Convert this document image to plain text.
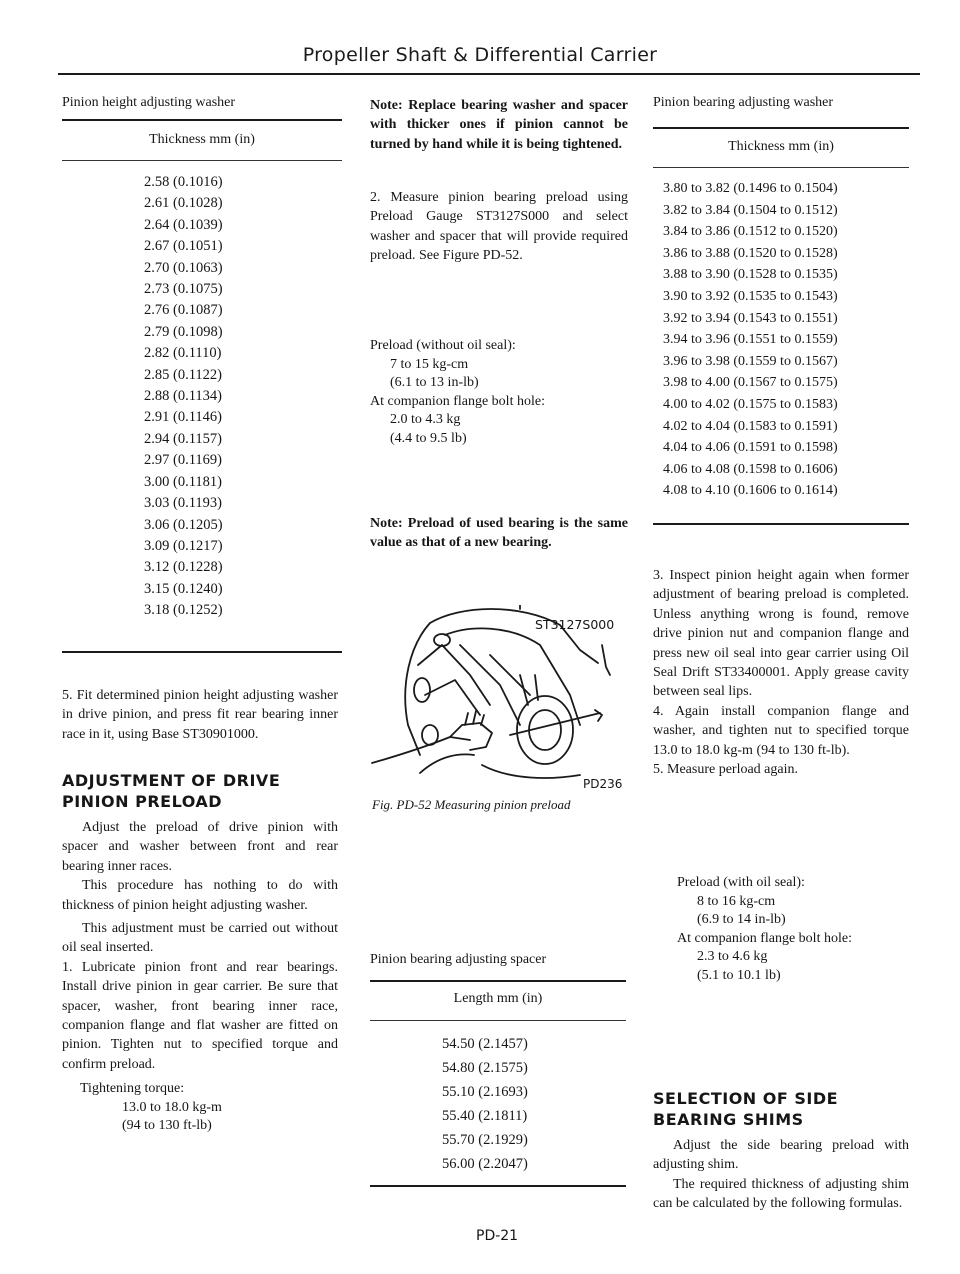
Propeller Shaft & Differential Carrier
Pinion height adjusting washer
Thickness mm (in)
2.58 (0.1016)
2.61 (0.1028)
2.64 (0.1039)
2.67 (0.1051)
2.70 (0.1063)
2.73 (0.1075)
2.76 (0.1087)
2.79 (0.1098)
2.82 (0.1110)
2.85 (0.1122)
2.88 (0.1134)
2.91 (0.1146)
2.94 (0.1157)
2.97 (0.1169)
3.00 (0.1181)
3.03 (0.1193)
3.06 (0.1205)
3.09 (0.1217)
3.12 (0.1228)
3.15 (0.1240)
3.18 (0.1252)

5. Fit determined pinion height adjusting washer in drive pinion, and press fit rear bearing inner race in it, using Base ST30901000.

ADJUSTMENT OF DRIVE
PINION PRELOAD

Adjust the preload of drive pinion with spacer and washer between front and rear bearing inner races.

This procedure has nothing to do with thickness of pinion height adjusting washer.

This adjustment must be carried out without oil seal inserted.

1. Lubricate pinion front and rear bearings. Install drive pinion in gear carrier. Be sure that spacer, washer, front bearing inner race, companion flange and flat washer are fitted on pinion. Tighten nut to specified torque and confirm preload.

Tightening torque:
13.0 to 18.0 kg-m
(94 to 130 ft-lb)

Note: Replace bearing washer and spacer with thicker ones if pinion cannot be turned by hand while it is being tightened.

2. Measure pinion bearing preload using Preload Gauge ST3127S000 and select washer and spacer that will provide required preload. See Figure PD-52.

Preload (without oil seal):
7 to 15 kg-cm
(6.1 to 13 in-lb)
At companion flange bolt hole:
2.0 to 4.3 kg
(4.4 to 9.5 lb)

Note: Preload of used bearing is the same value as that of a new bearing.

ST3127S000
PD236
Fig. PD-52 Measuring pinion preload
Pinion bearing adjusting spacer
Length mm (in)
54.50 (2.1457)
54.80 (2.1575)
55.10 (2.1693)
55.40 (2.1811)
55.70 (2.1929)
56.00 (2.2047)
PD-21
Pinion bearing adjusting washer
Thickness mm (in)
3.80 to 3.82 (0.1496 to 0.1504)
3.82 to 3.84 (0.1504 to 0.1512)
3.84 to 3.86 (0.1512 to 0.1520)
3.86 to 3.88 (0.1520 to 0.1528)
3.88 to 3.90 (0.1528 to 0.1535)
3.90 to 3.92 (0.1535 to 0.1543)
3.92 to 3.94 (0.1543 to 0.1551)
3.94 to 3.96 (0.1551 to 0.1559)
3.96 to 3.98 (0.1559 to 0.1567)
3.98 to 4.00 (0.1567 to 0.1575)
4.00 to 4.02 (0.1575 to 0.1583)
4.02 to 4.04 (0.1583 to 0.1591)
4.04 to 4.06 (0.1591 to 0.1598)
4.06 to 4.08 (0.1598 to 0.1606)
4.08 to 4.10 (0.1606 to 0.1614)

3. Inspect pinion height again when former adjustment of bearing preload is completed. Unless anything wrong is found, remove drive pinion nut and companion flange and press new oil seal into gear carrier using Oil Seal Drift ST33400001. Apply grease cavity between seal lips.

4. Again install companion flange and washer, and tighten nut to specified torque 13.0 to 18.0 kg-m (94 to 130 ft-lb).

5. Measure perload again.

Preload (with oil seal):
8 to 16 kg-cm
(6.9 to 14 in-lb)
At companion flange bolt hole:
2.3 to 4.6 kg
(5.1 to 10.1 lb)
SELECTION OF SIDE
BEARING SHIMS

Adjust the side bearing preload with adjusting shim.

The required thickness of adjusting shim can be calculated by the following formulas.
